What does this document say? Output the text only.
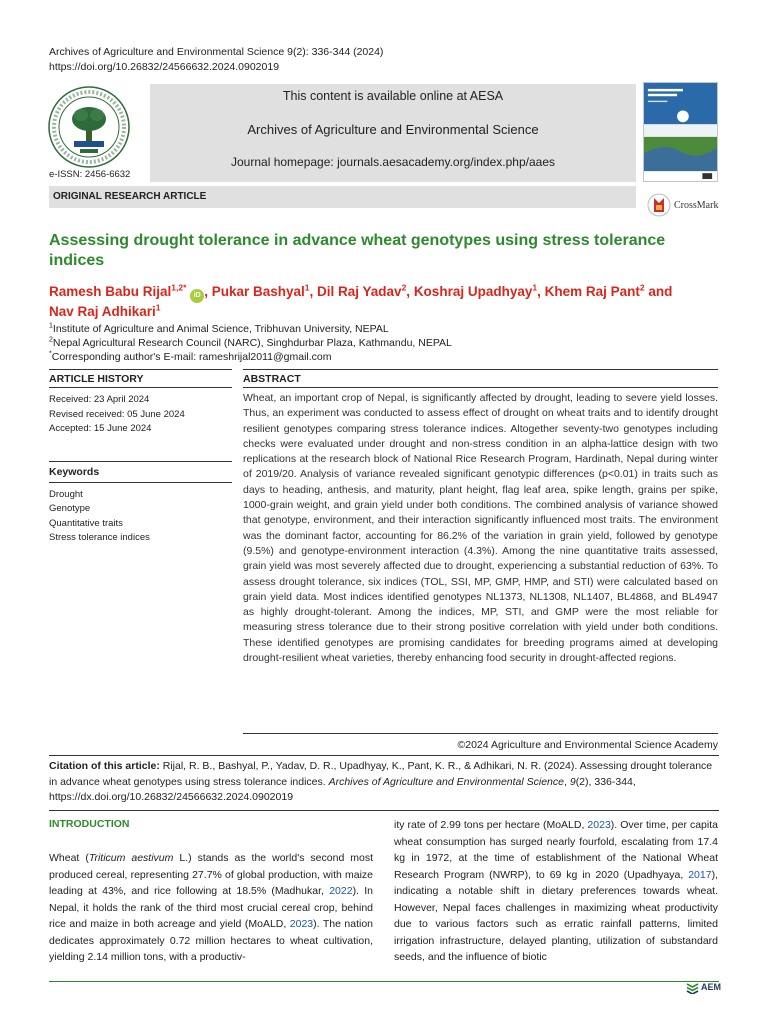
Archives of Agriculture and Environmental Science 9(2): 336-344 (2024)
https://doi.org/10.26832/24566632.2024.0902019
e-ISSN: 2456-6632
This content is available online at AESA
Archives of Agriculture and Environmental Science
Journal homepage: journals.aesacademy.org/index.php/aaes
ORIGINAL RESEARCH ARTICLE
CrossMark
Assessing drought tolerance in advance wheat genotypes using stress tolerance indices
Ramesh Babu Rijal$^{1,2*}$ iD , Pukar Bashyal$^1$, Dil Raj Yadav$^2$, Koshraj Upadhyay$^1$, Khem Raj Pant$^2$ and
Nav Raj Adhikari$^1$
$^1$Institute of Agriculture and Animal Science, Tribhuvan University, NEPAL
$^2$Nepal Agricultural Research Council (NARC), Singhdurbar Plaza, Kathmandu, NEPAL
*Corresponding author's E-mail: rameshrijal2011@gmail.com
ARTICLE HISTORY	ABSTRACT
Received: 23 April 2024
Revised received: 05 June 2024
Accepted: 15 June 2024
Keywords
Drought
Genotype
Quantitative traits
Stress tolerance indices
Wheat, an important crop of Nepal, is significantly affected by drought, leading to severe yield losses. Thus, an experiment was conducted to assess effect of drought on wheat traits and to identify drought resilient genotypes comparing stress tolerance indices. Altogether seventy-two genotypes including checks were evaluated under drought and non-stress condition in an alpha-lattice design with two replications at the research block of National Rice Research Program, Hardinath, Nepal during winter of 2019/20. Analysis of variance revealed significant genotypic differences (p<0.01) in traits such as days to heading, anthesis, and maturity, plant height, flag leaf area, spike length, grains per spike, 1000-grain weight, and grain yield under both conditions. The combined analysis of variance showed that genotype, environment, and their interaction significantly influenced most traits. The environment was the dominant factor, accounting for 86.2% of the variation in grain yield, followed by genotype (9.5%) and genotype-environment interaction (4.3%). Among the nine quantitative traits assessed, grain yield was most severely affected due to drought, experiencing a substantial reduction of 63%. To assess drought tolerance, six indices (TOL, SSI, MP, GMP, HMP, and STI) were calculated based on grain yield data. Most indices identified genotypes NL1373, NL1308, NL1407, BL4868, and BL4947 as highly drought-tolerant. Among the indices, MP, STI, and GMP were the most reliable for measuring stress tolerance due to their strong positive correlation with yield under both conditions. These identified genotypes are promising candidates for breeding programs aimed at developing drought-resilient wheat varieties, thereby enhancing food security in drought-affected regions.
©2024 Agriculture and Environmental Science Academy
Citation of this article: Rijal, R. B., Bashyal, P., Yadav, D. R., Upadhyay, K., Pant, K. R., & Adhikari, N. R. (2024). Assessing drought tolerance in advance wheat genotypes using stress tolerance indices. Archives of Agriculture and Environmental Science, 9(2), 336-344, https://dx.doi.org/10.26832/24566632.2024.0902019
INTRODUCTION
Wheat (Triticum aestivum L.) stands as the world's second most produced cereal, representing 27.7% of global production, with maize leading at 43%, and rice following at 18.5% (Madhukar, 2022). In Nepal, it holds the rank of the third most crucial cereal crop, behind rice and maize in both acreage and yield (MoALD, 2023). The nation dedicates approximately 0.72 million hectares to wheat cultivation, yielding 2.14 million tons, with a productiv-
ity rate of 2.99 tons per hectare (MoALD, 2023). Over time, per capita wheat consumption has surged nearly fourfold, escalating from 17.4 kg in 1972, at the time of establishment of the National Wheat Research Program (NWRP), to 69 kg in 2020 (Upadhyaya, 2017), indicating a notable shift in dietary preferences towards wheat. However, Nepal faces challenges in maximizing wheat productivity due to various factors such as erratic rainfall patterns, limited irrigation infrastructure, delayed planting, utilization of substandard seeds, and the influence of biotic
AEM
